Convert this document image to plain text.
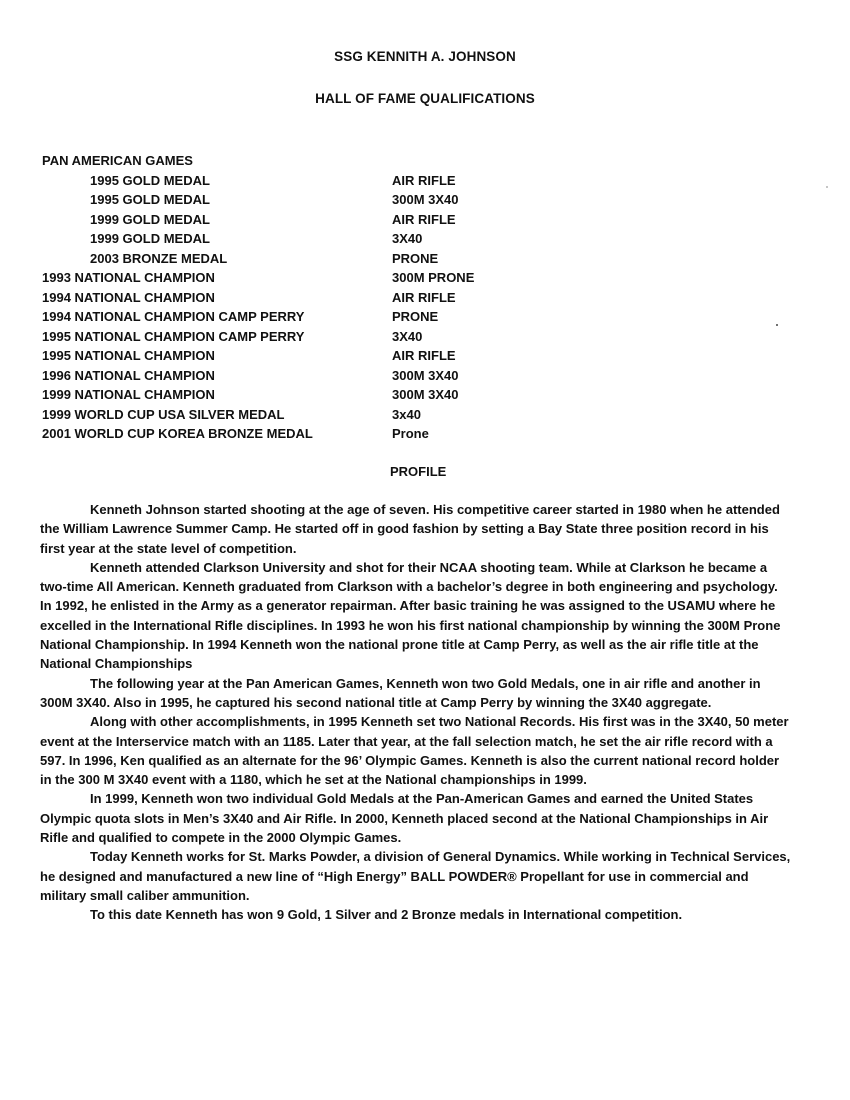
SSG KENNITH A. JOHNSON
HALL OF FAME QUALIFICATIONS
PAN AMERICAN GAMES
1995 GOLD MEDAL	AIR RIFLE
1995 GOLD MEDAL	300M 3X40
1999 GOLD MEDAL	AIR RIFLE
1999 GOLD MEDAL	3X40
2003 BRONZE MEDAL	PRONE
1993 NATIONAL CHAMPION	300M PRONE
1994 NATIONAL CHAMPION	AIR RIFLE
1994 NATIONAL CHAMPION CAMP PERRY	PRONE
1995 NATIONAL CHAMPION CAMP PERRY	3X40
1995 NATIONAL CHAMPION	AIR RIFLE
1996 NATIONAL CHAMPION	300M 3X40
1999 NATIONAL CHAMPION	300M 3X40
1999 WORLD CUP USA SILVER MEDAL	3x40
2001 WORLD CUP KOREA BRONZE MEDAL	Prone
PROFILE

Kenneth Johnson started shooting at the age of seven. His competitive career started in 1980 when he attended the William Lawrence Summer Camp. He started off in good fashion by setting a Bay State three position record in his first year at the state level of competition.

Kenneth attended Clarkson University and shot for their NCAA shooting team. While at Clarkson he became a two-time All American. Kenneth graduated from Clarkson with a bachelor’s degree in both engineering and psychology. In 1992, he enlisted in the Army as a generator repairman. After basic training he was assigned to the USAMU where he excelled in the International Rifle disciplines. In 1993 he won his first national championship by winning the 300M Prone National Championship. In 1994 Kenneth won the national prone title at Camp Perry, as well as the air rifle title at the National Championships

The following year at the Pan American Games, Kenneth won two Gold Medals, one in air rifle and another in 300M 3X40. Also in 1995, he captured his second national title at Camp Perry by winning the 3X40 aggregate.

Along with other accomplishments, in 1995 Kenneth set two National Records. His first was in the 3X40, 50 meter event at the Interservice match with an 1185. Later that year, at the fall selection match, he set the air rifle record with a 597. In 1996, Ken qualified as an alternate for the 96’ Olympic Games. Kenneth is also the current national record holder in the 300 M 3X40 event with a 1180, which he set at the National championships in 1999.

In 1999, Kenneth won two individual Gold Medals at the Pan-American Games and earned the United States Olympic quota slots in Men’s 3X40 and Air Rifle. In 2000, Kenneth placed second at the National Championships in Air Rifle and qualified to compete in the 2000 Olympic Games.

Today Kenneth works for St. Marks Powder, a division of General Dynamics. While working in Technical Services, he designed and manufactured a new line of “High Energy” BALL POWDER® Propellant for use in commercial and military small caliber ammunition.

To this date Kenneth has won 9 Gold, 1 Silver and 2 Bronze medals in International competition.
